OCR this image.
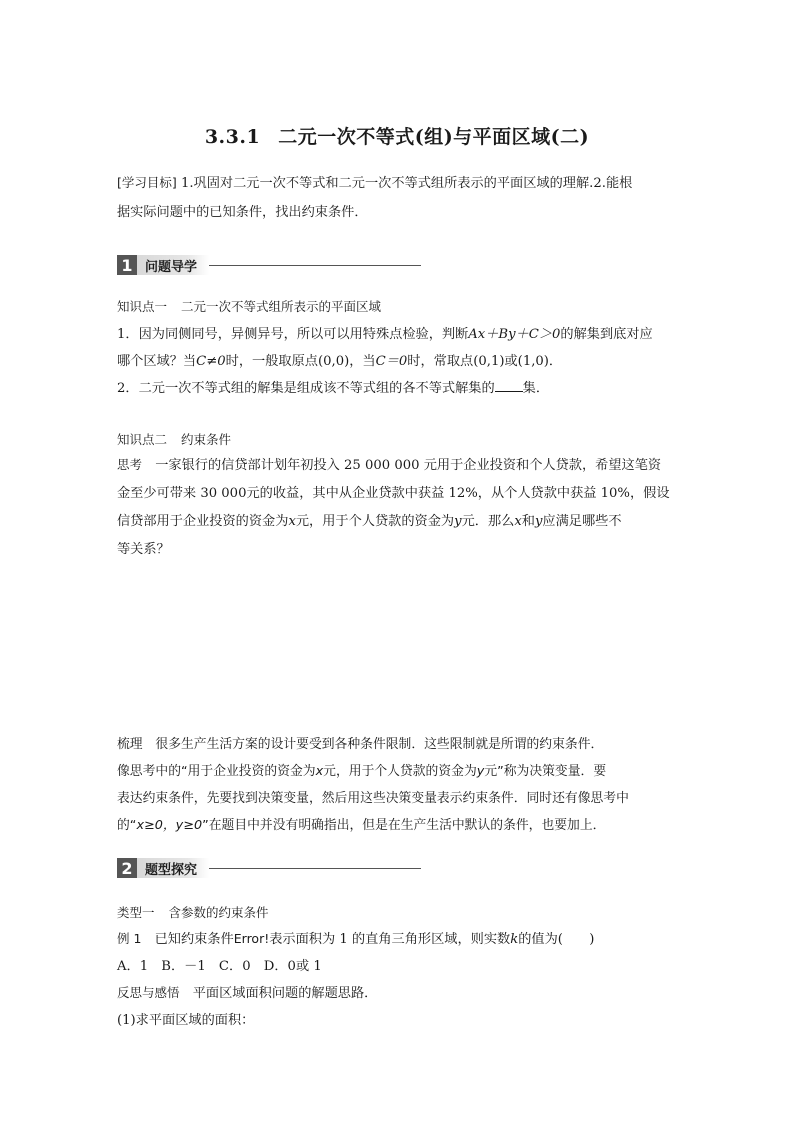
3.3.1 二元一次不等式(组)与平面区域(二)
[学习目标] 1.巩固对二元一次不等式和二元一次不等式组所表示的平面区域的理解.2.能根
据实际问题中的已知条件，找出约束条件．
1 问题导学
知识点一 二元一次不等式组所表示的平面区域
1．因为同侧同号，异侧异号，所以可以用特殊点检验，判断Ax＋By＋C＞0的解集到底对应
哪个区域？当C≠0时，一般取原点(0,0)，当C＝0时，常取点(0,1)或(1,0)．
2．二元一次不等式组的解集是组成该不等式组的各不等式解集的 集．
知识点二 约束条件
思考　 一家银行的信贷部计划年初投入 25 000 000 元用于企业投资和个人贷款，希望这笔资
金至少可带来 30 000元的收益，其中从企业贷款中获益 12%，从个人贷款中获益 10%，假设
信贷部用于企业投资的资金为x元，用于个人贷款的资金为y元．那么x和y应满足哪些不
等关系？
梳理　 很多生产生活方案的设计要受到各种条件限制．这些限制就是所谓的约束条件．
像思考中的“用于企业投资的资金为x元，用于个人贷款的资金为y元”称为决策变量．要
表达约束条件，先要找到决策变量，然后用这些决策变量表示约束条件．同时还有像思考中
的“x≥0，y≥0”在题目中并没有明确指出，但是在生产生活中默认的条件，也要加上．
2 题型探究
类型一 含参数的约束条件
例 1　 已知约束条件Error!表示面积为 1 的直角三角形区域，则实数k的值为(　　)
A．1　B．－1　C．0　D．0或 1
反思与感悟　 平面区域面积问题的解题思路．
(1)求平面区域的面积：
